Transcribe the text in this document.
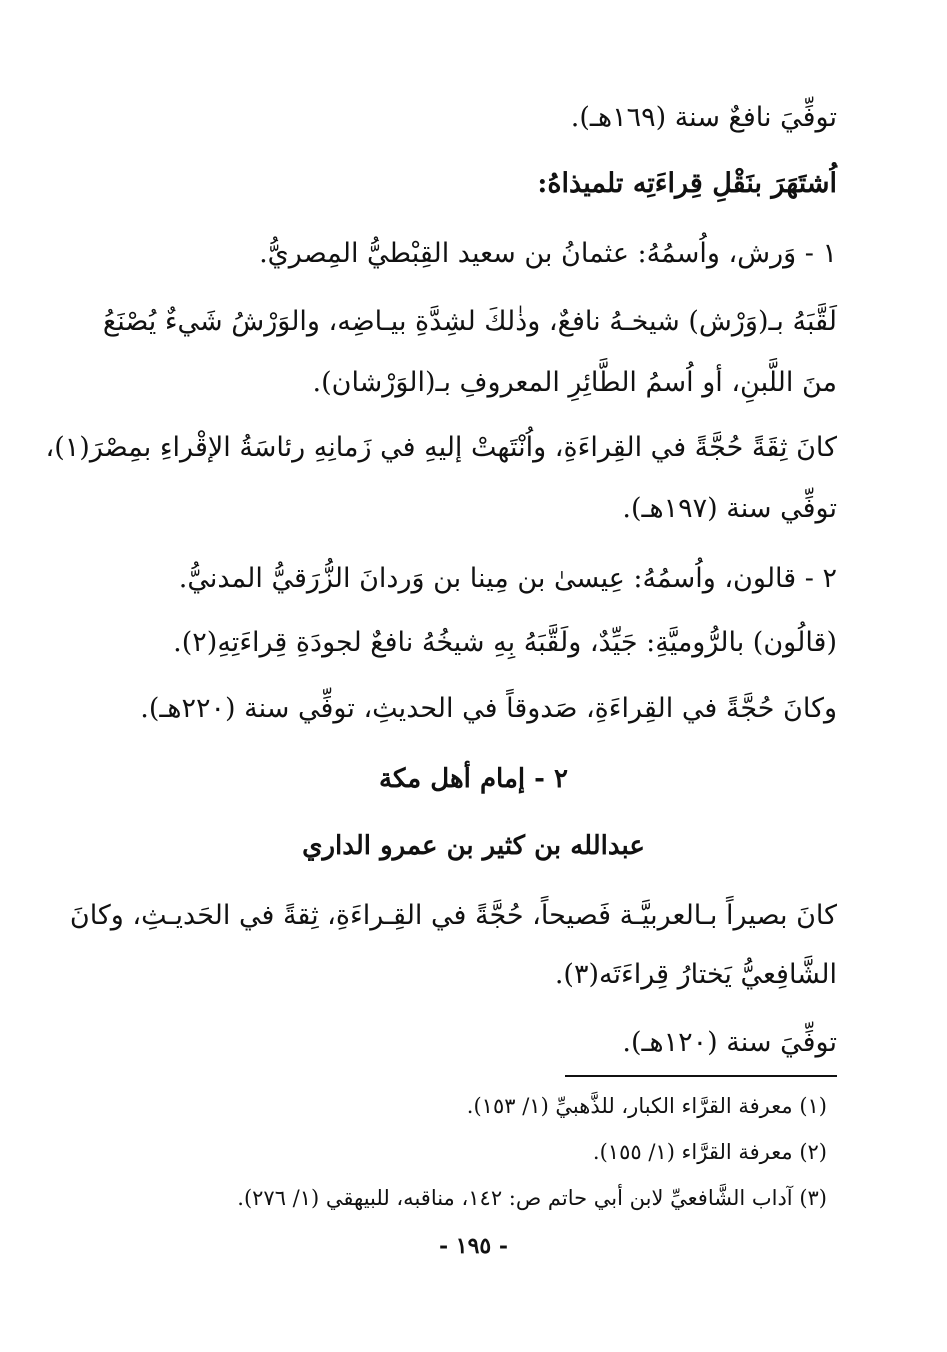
توفِّيَ نافعٌ سنة (١٦٩هـ).
اُشتَهَرَ بنَقْلِ قِراءَتِه تلميذاهُ:
١ - وَرش، واُسمُهُ: عثمانُ بن سعيد القِبْطيُّ المِصريُّ.
لَقَّبَهُ بـ(وَرْش) شيخـهُ نافعٌ، وذٰلكَ لشِدَّةِ بيـاضِه، والوَرْشُ شَيءٌ يُصْنَعُ
منَ اللَّبنِ، أو اُسمُ الطَّائِرِ المعروفِ بـ(الوَرْشان).
كانَ ثِقَةً حُجَّةً في القِراءَةِ، واُنْتَهتْ إليهِ في زَمانِهِ رئاسَةُ الإقْراءِ بمِصْرَ(١)،
توفِّي سنة (١٩٧هـ).
٢ - قالون، واُسمُهُ: عِيسىٰ بن مِينا بن وَردانَ الزُّرَقيُّ المدنيُّ.
(قالُون) بالرُّوميَّةِ: جَيِّدٌ، ولَقَّبَهُ بِهِ شيخُهُ نافعٌ لجودَةِ قِراءَتِهِ(٢).
وكانَ حُجَّةً في القِراءَةِ، صَدوقاً في الحديثِ، توفِّي سنة (٢٢٠هـ).
٢ - إمام أهل مكة
عبدالله بن كثير بن عمرو الداري
كانَ بصيراً بـالعربيَّـة فَصيحاً، حُجَّةً في القِـراءَةِ، ثِقةً في الحَديـثِ، وكانَ
الشَّافِعيُّ يَختارُ قِراءَتَه(٣).
توفِّيَ سنة (١٢٠هـ).
(١) معرفة القرَّاء الكبار، للذَّهبيِّ (١/ ١٥٣).
(٢) معرفة القرَّاء (١/ ١٥٥).
(٣) آداب الشَّافعيِّ لابن أبي حاتم ص: ١٤٢، مناقبه، للبيهقي (١/ ٢٧٦).
- ١٩٥ -
